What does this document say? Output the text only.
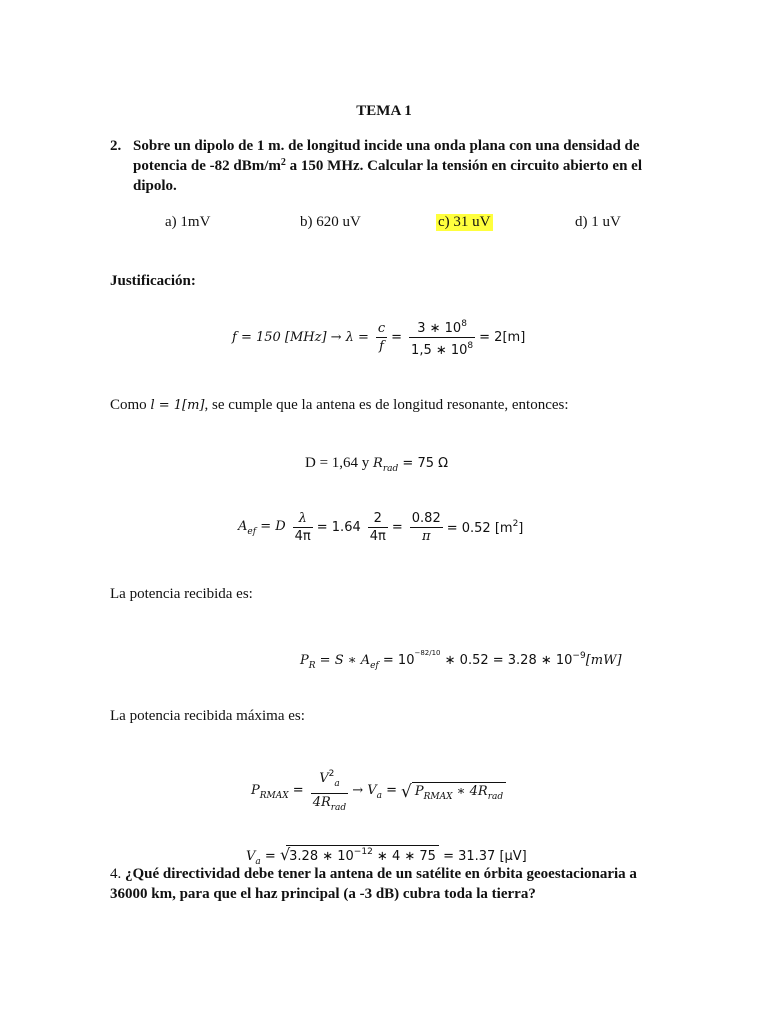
TEMA 1
2. Sobre un dipolo de 1 m. de longitud incide una onda plana con una densidad de potencia de -82 dBm/$m^2$ a 150 MHz. Calcular la tensión en circuito abierto en el dipolo.
a) 1mV	b) 620 uV	c) 31 uV	d) 1 uV
Justificación:
f = 150 $[MHz] \to \lambda = \frac{c}{f} = \frac{3 ∗ 10^8}{1,5 ∗ 10^8} = 2[m]$
Como l = 1[m], se cumple que la antena es de longitud resonante, entonces:
D = 1,64 y $R_{rad} = 75$ Ω
$A_{ef} = D \frac{\lambda}{4\pi} = 1.64 \frac{2}{4\pi} = \frac{0.82}{\pi} = 0.52$ $[m^2]$
La potencia recibida es:
$P_R = S$ ∗ $A_{ef} = 10^{-82/10}$ ∗ 0.52 = 3.28 ∗ $10^{-9}[mW]$
La potencia recibida máxima es:
$P_{RMAX} = \frac{V^2_a}{4R_{rad}} \to V_a$ = √ $P_{RMAX}$ ∗ $4R_{rad}$
$V_a = √3.28$ ∗ $10^{-12}$ ∗ 4 ∗ 75 = 31.37 [μV]
4. ¿Qué directividad debe tener la antena de un satélite en órbita geoestacionaria a 36000 km, para que el haz principal (a -3 dB) cubra toda la tierra?
